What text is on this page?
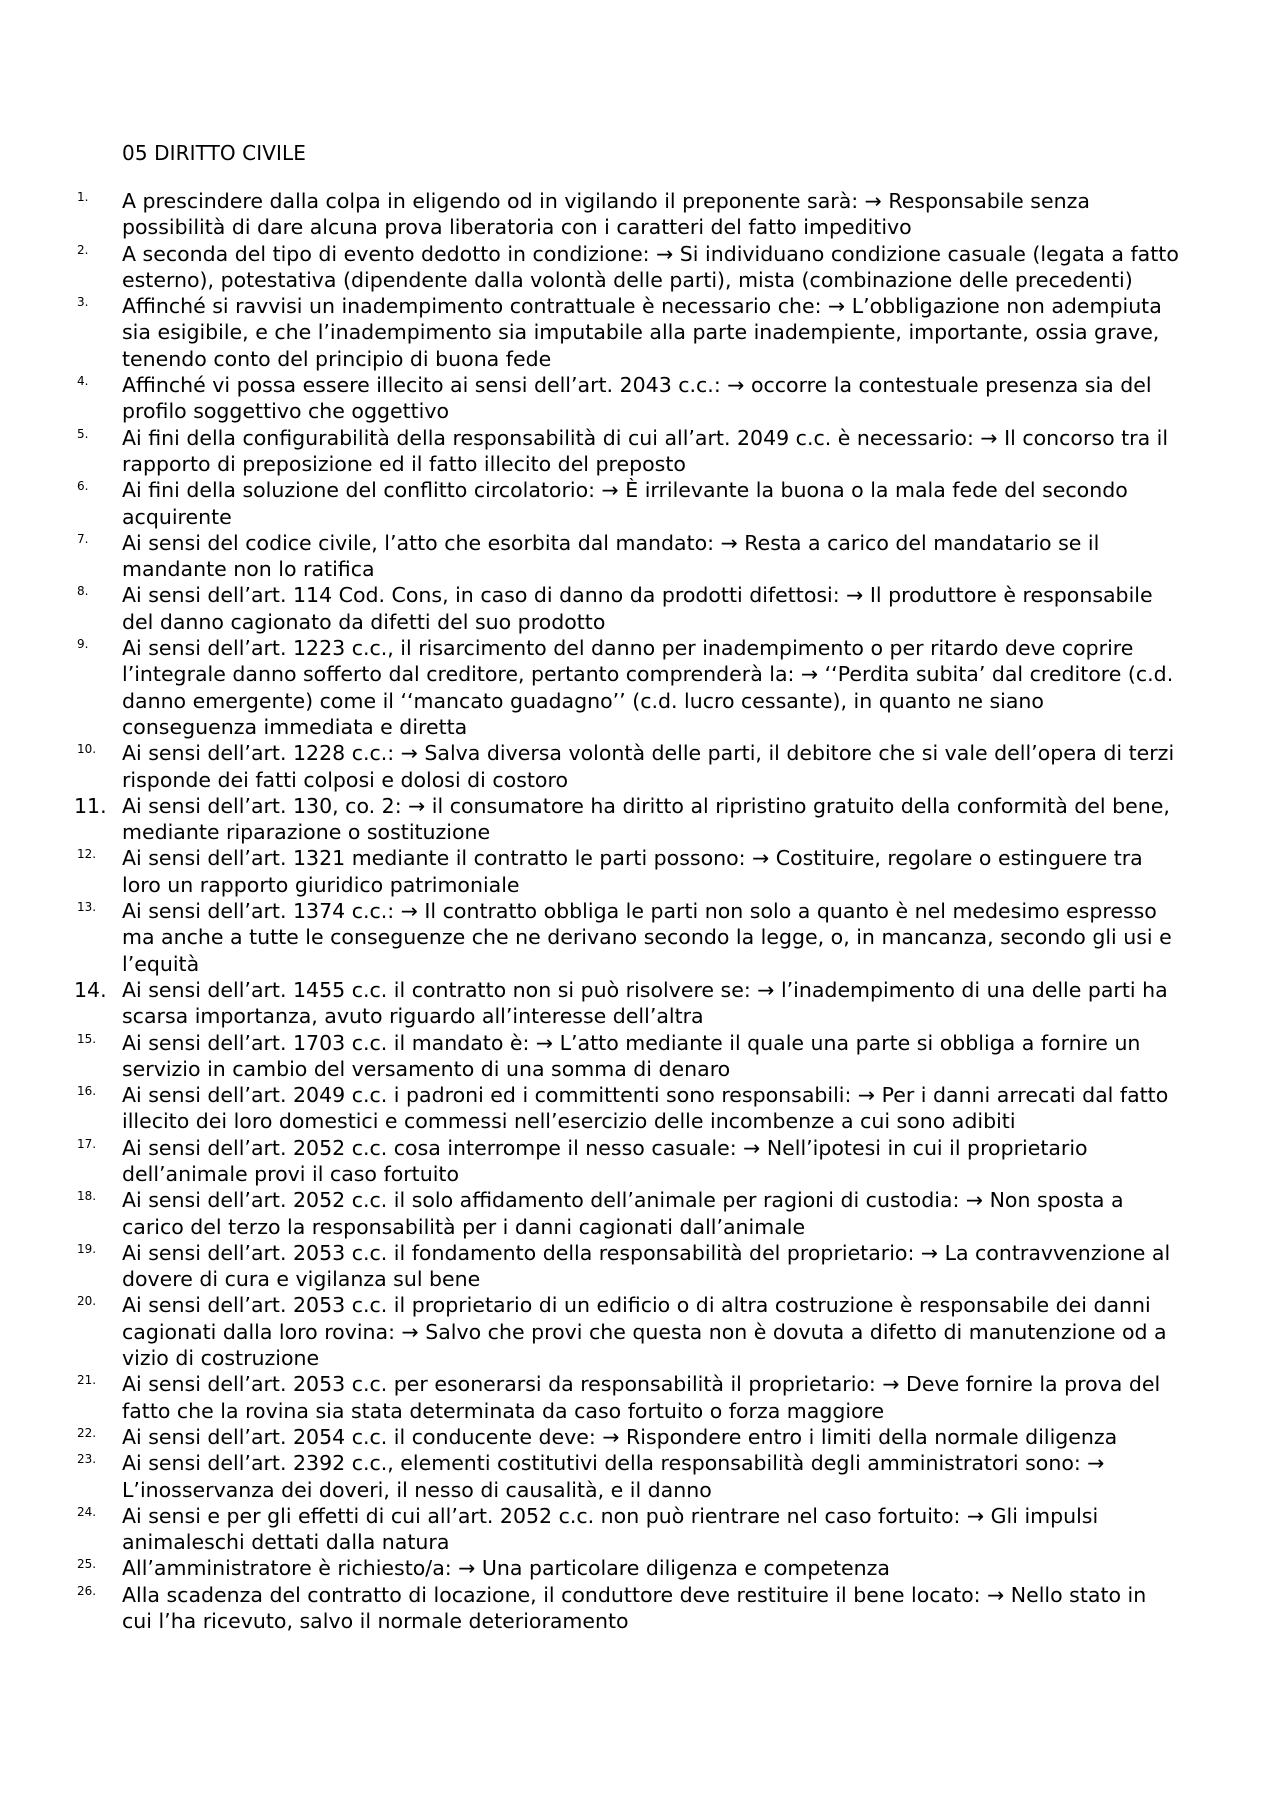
05 DIRITTO CIVILE
1. A prescindere dalla colpa in eligendo od in vigilando il preponente sarà: → Responsabile senza possibilità di dare alcuna prova liberatoria con i caratteri del fatto impeditivo
2. A seconda del tipo di evento dedotto in condizione: → Si individuano condizione casuale (legata a fatto esterno), potestativa (dipendente dalla volontà delle parti), mista (combinazione delle precedenti)
3. Affinché si ravvisi un inadempimento contrattuale è necessario che: → L’obbligazione non adempiuta sia esigibile, e che l’inadempimento sia imputabile alla parte inadempiente, importante, ossia grave, tenendo conto del principio di buona fede
4. Affinché vi possa essere illecito ai sensi dell’art. 2043 c.c.: → occorre la contestuale presenza sia del profilo soggettivo che oggettivo
5. Ai fini della configurabilità della responsabilità di cui all’art. 2049 c.c. è necessario: → Il concorso tra il rapporto di preposizione ed il fatto illecito del preposto
6. Ai fini della soluzione del conflitto circolatorio: → È irrilevante la buona o la mala fede del secondo acquirente
7. Ai sensi del codice civile, l’atto che esorbita dal mandato: → Resta a carico del mandatario se il mandante non lo ratifica
8. Ai sensi dell’art. 114 Cod. Cons, in caso di danno da prodotti difettosi: → Il produttore è responsabile del danno cagionato da difetti del suo prodotto
9. Ai sensi dell’art. 1223 c.c., il risarcimento del danno per inadempimento o per ritardo deve coprire l’integrale danno sofferto dal creditore, pertanto comprenderà la: → ‘‘Perdita subita’ dal creditore (c.d. danno emergente) come il ‘‘mancato guadagno’’ (c.d. lucro cessante), in quanto ne siano conseguenza immediata e diretta
10. Ai sensi dell’art. 1228 c.c.: → Salva diversa volontà delle parti, il debitore che si vale dell’opera di terzi risponde dei fatti colposi e dolosi di costoro
11. Ai sensi dell’art. 130, co. 2: → il consumatore ha diritto al ripristino gratuito della conformità del bene, mediante riparazione o sostituzione
12. Ai sensi dell’art. 1321 mediante il contratto le parti possono: → Costituire, regolare o estinguere tra loro un rapporto giuridico patrimoniale
13. Ai sensi dell’art. 1374 c.c.: → Il contratto obbliga le parti non solo a quanto è nel medesimo espresso ma anche a tutte le conseguenze che ne derivano secondo la legge, o, in mancanza, secondo gli usi e l’equità
14. Ai sensi dell’art. 1455 c.c. il contratto non si può risolvere se: → l’inadempimento di una delle parti ha scarsa importanza, avuto riguardo all’interesse dell’altra
15. Ai sensi dell’art. 1703 c.c. il mandato è: → L’atto mediante il quale una parte si obbliga a fornire un servizio in cambio del versamento di una somma di denaro
16. Ai sensi dell’art. 2049 c.c. i padroni ed i committenti sono responsabili: → Per i danni arrecati dal fatto illecito dei loro domestici e commessi nell’esercizio delle incombenze a cui sono adibiti
17. Ai sensi dell’art. 2052 c.c. cosa interrompe il nesso casuale: → Nell’ipotesi in cui il proprietario dell’animale provi il caso fortuito
18. Ai sensi dell’art. 2052 c.c. il solo affidamento dell’animale per ragioni di custodia: → Non sposta a carico del terzo la responsabilità per i danni cagionati dall’animale
19. Ai sensi dell’art. 2053 c.c. il fondamento della responsabilità del proprietario: → La contravvenzione al dovere di cura e vigilanza sul bene
20. Ai sensi dell’art. 2053 c.c. il proprietario di un edificio o di altra costruzione è responsabile dei danni cagionati dalla loro rovina: → Salvo che provi che questa non è dovuta a difetto di manutenzione od a vizio di costruzione
21. Ai sensi dell’art. 2053 c.c. per esonerarsi da responsabilità il proprietario: → Deve fornire la prova del fatto che la rovina sia stata determinata da caso fortuito o forza maggiore
22. Ai sensi dell’art. 2054 c.c. il conducente deve: → Rispondere entro i limiti della normale diligenza
23. Ai sensi dell’art. 2392 c.c., elementi costitutivi della responsabilità degli amministratori sono: → L’inosservanza dei doveri, il nesso di causalità, e il danno
24. Ai sensi e per gli effetti di cui all’art. 2052 c.c. non può rientrare nel caso fortuito: → Gli impulsi animaleschi dettati dalla natura
25. All’amministratore è richiesto/a: → Una particolare diligenza e competenza
26. Alla scadenza del contratto di locazione, il conduttore deve restituire il bene locato: → Nello stato in cui l’ha ricevuto, salvo il normale deterioramento
